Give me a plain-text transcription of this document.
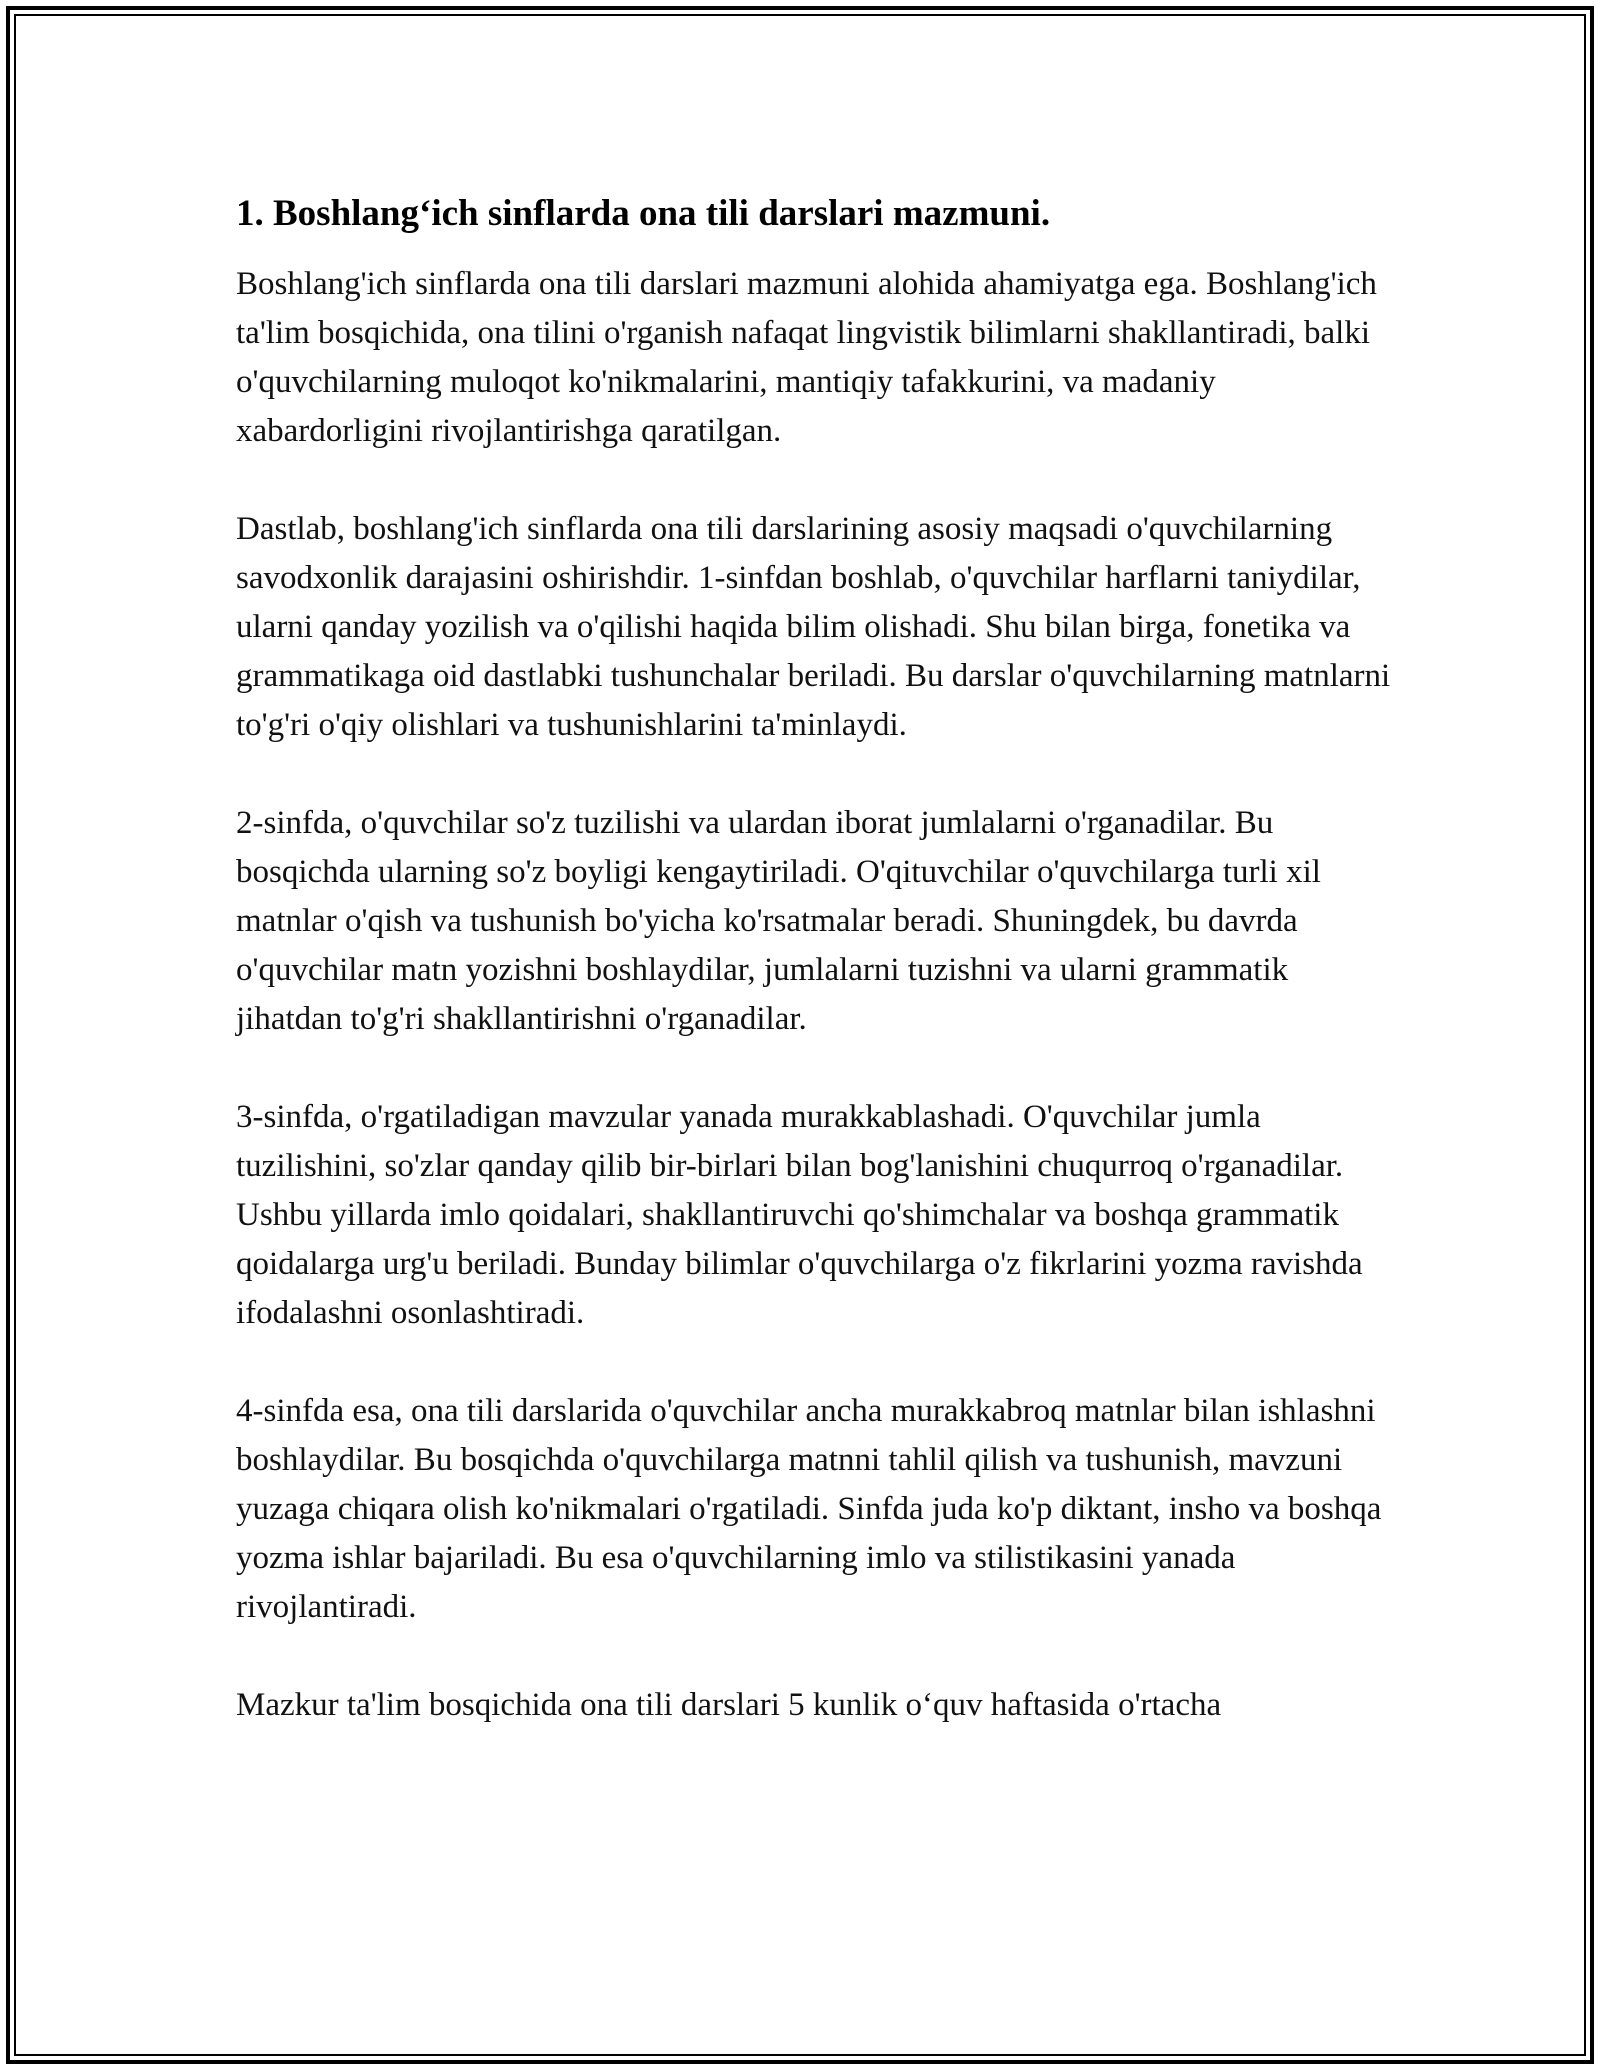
1. Boshlang‘ich sinflarda ona tili darslari mazmuni.

Boshlang'ich sinflarda ona tili darslari mazmuni alohida ahamiyatga ega. Boshlang'ich ta'lim bosqichida, ona tilini o'rganish nafaqat lingvistik bilimlarni shakllantiradi, balki o'quvchilarning muloqot ko'nikmalarini, mantiqiy tafakkurini, va madaniy xabardorligini rivojlantirishga qaratilgan.

Dastlab, boshlang'ich sinflarda ona tili darslarining asosiy maqsadi o'quvchilarning savodxonlik darajasini oshirishdir. 1-sinfdan boshlab, o'quvchilar harflarni taniydilar, ularni qanday yozilish va o'qilishi haqida bilim olishadi. Shu bilan birga, fonetika va grammatikaga oid dastlabki tushunchalar beriladi. Bu darslar o'quvchilarning matnlarni to'g'ri o'qiy olishlari va tushunishlarini ta'minlaydi.

2-sinfda, o'quvchilar so'z tuzilishi va ulardan iborat jumlalarni o'rganadilar. Bu bosqichda ularning so'z boyligi kengaytiriladi. O'qituvchilar o'quvchilarga turli xil matnlar o'qish va tushunish bo'yicha ko'rsatmalar beradi. Shuningdek, bu davrda o'quvchilar matn yozishni boshlaydilar, jumlalarni tuzishni va ularni grammatik jihatdan to'g'ri shakllantirishni o'rganadilar.

3-sinfda, o'rgatiladigan mavzular yanada murakkablashadi. O'quvchilar jumla tuzilishini, so'zlar qanday qilib bir-birlari bilan bog'lanishini chuqurroq o'rganadilar. Ushbu yillarda imlo qoidalari, shakllantiruvchi qo'shimchalar va boshqa grammatik qoidalarga urg'u beriladi. Bunday bilimlar o'quvchilarga o'z fikrlarini yozma ravishda ifodalashni osonlashtiradi.

4-sinfda esa, ona tili darslarida o'quvchilar ancha murakkabroq matnlar bilan ishlashni boshlaydilar. Bu bosqichda o'quvchilarga matnni tahlil qilish va tushunish, mavzuni yuzaga chiqara olish ko'nikmalari o'rgatiladi. Sinfda juda ko'p diktant, insho va boshqa yozma ishlar bajariladi. Bu esa o'quvchilarning imlo va stilistikasini yanada rivojlantiradi.

Mazkur ta'lim bosqichida ona tili darslari 5 kunlik o‘quv haftasida o'rtacha
